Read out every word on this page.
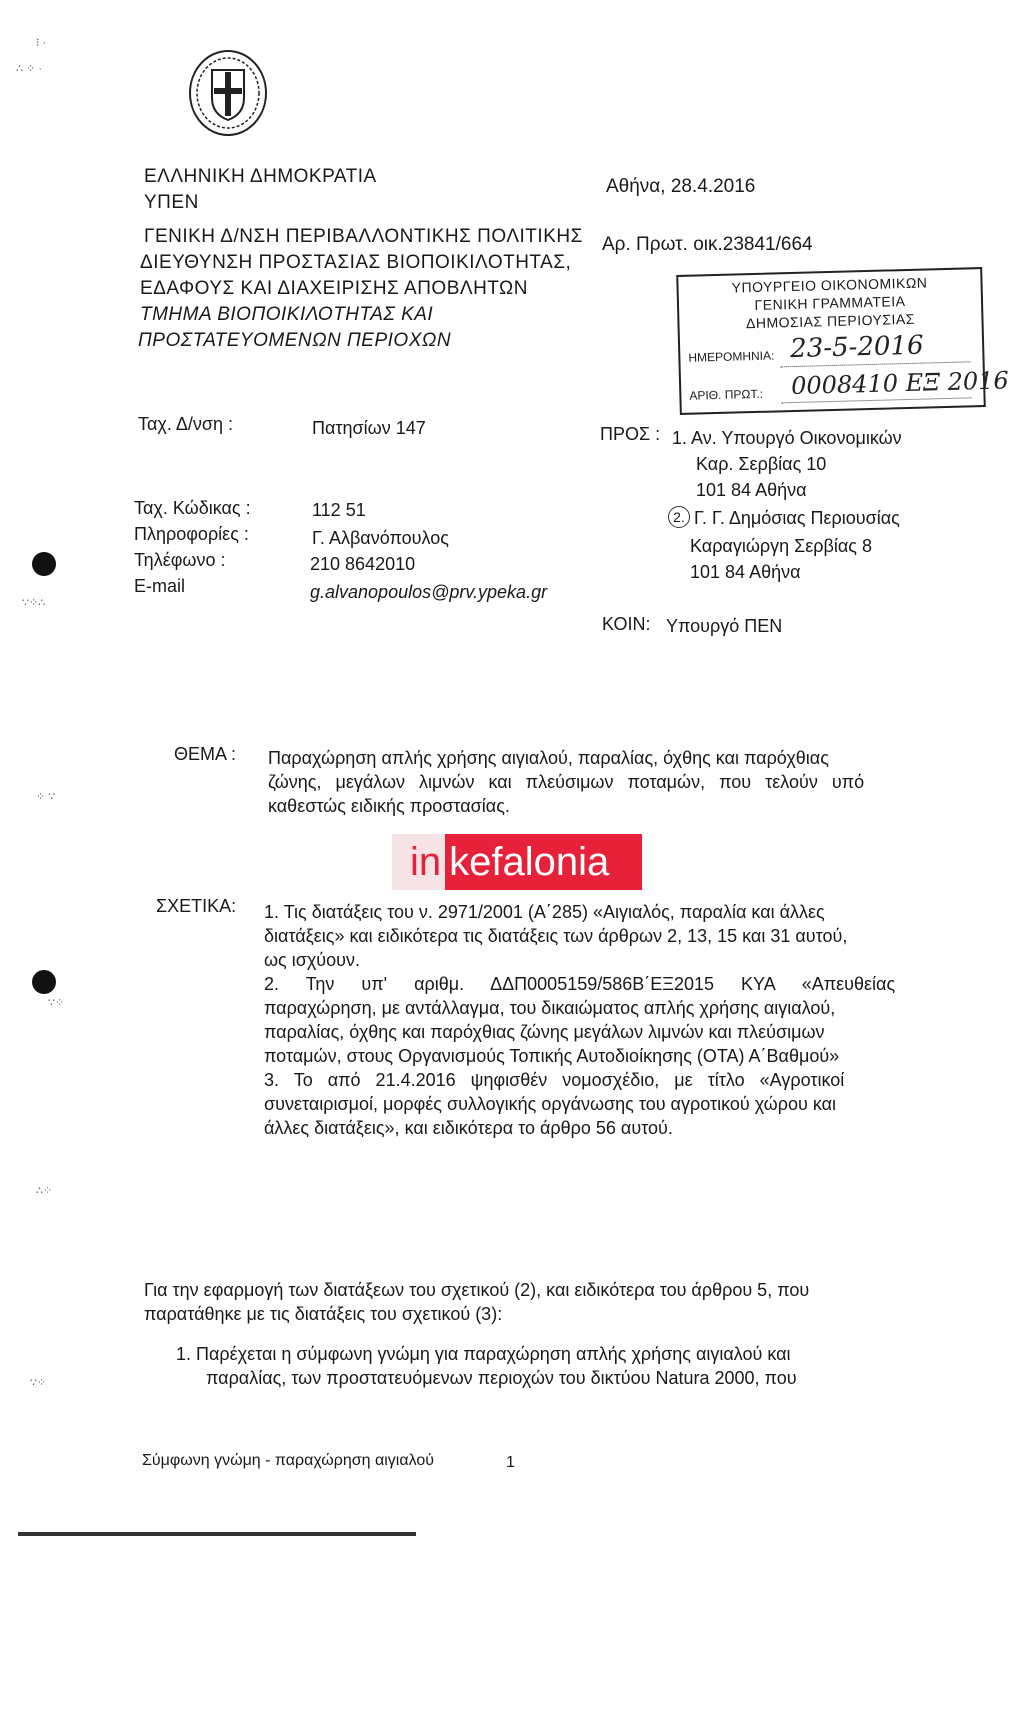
ΕΛΛΗΝΙΚΗ ΔΗΜΟΚΡΑΤΙΑ
ΥΠΕΝ
ΓΕΝΙΚΗ Δ/ΝΣΗ ΠΕΡΙΒΑΛΛΟΝΤΙΚΗΣ ΠΟΛΙΤΙΚΗΣ
ΔΙΕΥΘΥΝΣΗ ΠΡΟΣΤΑΣΙΑΣ ΒΙΟΠΟΙΚΙΛΟΤΗΤΑΣ,
ΕΔΑΦΟΥΣ ΚΑΙ ΔΙΑΧΕΙΡΙΣΗΣ ΑΠΟΒΛΗΤΩΝ
ΤΜΗΜΑ ΒΙΟΠΟΙΚΙΛΟΤΗΤΑΣ ΚΑΙ
ΠΡΟΣΤΑΤΕΥΟΜΕΝΩΝ ΠΕΡΙΟΧΩΝ
Αθήνα, 28.4.2016
Αρ. Πρωτ. οικ.23841/664
ΥΠΟΥΡΓΕΙΟ ΟΙΚΟΝΟΜΙΚΩΝ
ΓΕΝΙΚΗ ΓΡΑΜΜΑΤΕΙΑ
ΔΗΜΟΣΙΑΣ ΠΕΡΙΟΥΣΙΑΣ
ΗΜΕΡΟΜΗΝΙΑ: 23-5-2016
ΑΡΙΘ. ΠΡΩΤ.: 0008410 ΕΞ 2016
Ταχ. Δ/νση :	Πατησίων 147
Ταχ. Κώδικας :	112 51
Πληροφορίες :	Γ. Αλβανόπουλος
Τηλέφωνο :	210 8642010
E-mail	g.alvanopoulos@prv.ypeka.gr
ΠΡΟΣ : 1. Αν. Υπουργό Οικονομικών
Καρ. Σερβίας 10
101 84 Αθήνα
2. Γ. Γ. Δημόσιας Περιουσίας
Καραγιώργη Σερβίας 8
101 84 Αθήνα
ΚΟΙΝ: Υπουργό ΠΕΝ
ΘΕΜΑ : Παραχώρηση απλής χρήσης αιγιαλού, παραλίας, όχθης και παρόχθιας
ζώνης, μεγάλων λιμνών και πλεύσιμων ποταμών, που τελούν υπό
καθεστώς ειδικής προστασίας.
in kefalonia
ΣΧΕΤΙΚΑ: 1. Τις διατάξεις του ν. 2971/2001 (Α΄285) «Αιγιαλός, παραλία και άλλες
διατάξεις» και ειδικότερα τις διατάξεις των άρθρων 2, 13, 15 και 31 αυτού,
ως ισχύουν.
2. Την υπ' αριθμ. ΔΔΠ0005159/586Β΄ΕΞ2015 ΚΥΑ «Απευθείας
παραχώρηση, με αντάλλαγμα, του δικαιώματος απλής χρήσης αιγιαλού,
παραλίας, όχθης και παρόχθιας ζώνης μεγάλων λιμνών και πλεύσιμων
ποταμών, στους Οργανισμούς Τοπικής Αυτοδιοίκησης (ΟΤΑ) Α΄Βαθμού»
3. Το από 21.4.2016 ψηφισθέν νομοσχέδιο, με τίτλο «Αγροτικοί
συνεταιρισμοί, μορφές συλλογικής οργάνωσης του αγροτικού χώρου και
άλλες διατάξεις», και ειδικότερα το άρθρο 56 αυτού.
Για την εφαρμογή των διατάξεων του σχετικού (2), και ειδικότερα του άρθρου 5, που
παρατάθηκε με τις διατάξεις του σχετικού (3):
1. Παρέχεται η σύμφωνη γνώμη για παραχώρηση απλής χρήσης αιγιαλού και
παραλίας, των προστατευόμενων περιοχών του δικτύου Natura 2000, που
Σύμφωνη γνώμη - παραχώρηση αιγιαλού	1
⁝ ·
∴ ⁘ ·
∵⁘∴
⁘ ∵
∵⁘
∴⁘
∵⁘
